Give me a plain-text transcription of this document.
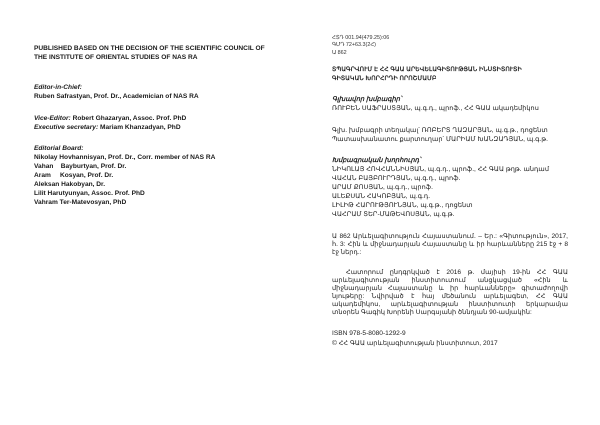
PUBLISHED BASED ON THE DECISION OF THE SCIENTIFIC COUNCIL OF
THE INSTITUTE OF ORIENTAL STUDIES OF NAS RA
Editor-in-Chief:
Ruben Safrastyan, Prof. Dr., Academician of NAS RA
Vice-Editor: Robert Ghazaryan, Assoc. Prof. PhD
Executive secretary: Mariam Khanzadyan, PhD
Editorial Board:
Nikolay Hovhannisyan, Prof. Dr., Corr. member of NAS RA
Vahan    Bayburtyan, Prof. Dr.
Aram     Kosyan, Prof. Dr.
Aleksan Hakobyan, Dr.
Lilit Harutyunyan, Assoc. Prof. PhD
Vahram Ter-Matevosyan, PhD
ՀՏԴ 001.94(479.25):06
ԳՄԴ 72+63.3(2Հ)
Ա 862
ՏՊԱԳՐՎՈՒՄ Է ՀՀ ԳԱԱ ԱՐԵՎԵԼԱԳԻՏՈՒԹՅԱՆ ԻՆՍՏԻՏՈՒՏԻ
ԳԻՏԱԿԱՆ ԽՈՐՀՐԴԻ ՈՐՈՇՄԱՄԲ
Գլխավոր խմբագիր՝
ՌՈՒԲԵՆ ՍԱՖՐԱՍՏՅԱՆ, պ.գ.դ., պրոֆ., ՀՀ ԳԱԱ ակադեմիկոս
Գլխ. խմբագրի տեղակալ՝ ՌՈԲԵՐՏ ՂԱԶԱՐՅԱՆ, պ.գ.թ., դոցենտ
Պատասխանատու քարտուղար՝ ՄԱՐԻԱՄ ԽԱՆԶԱԴՅԱՆ, պ.գ.թ.
Խմբագրական խորհուրդ՝
ՆԻԿՈԼԱՅ ՀՈՎՀԱՆՆԻՍՅԱՆ, պ.գ.դ., պրոֆ., ՀՀ ԳԱԱ թղթ. անդամ
ՎԱՀԱՆ ԲԱՅԲՈՒՐԴՅԱՆ, պ.գ.դ., պրոֆ.
ԱՐԱՄ ՔՈՍՅԱՆ, պ.գ.դ., պրոֆ.
ԱԼԵՔՍԱՆ ՀԱԿՈԲՅԱՆ, պ.գ.դ.
ԼԻԼԻԹ ՀԱՐՈՒԹՅՈՒՆՅԱՆ, պ.գ.թ., դոցենտ
ՎԱՀՐԱՄ ՏԵՐ-ՄԱԹԵՎՈՍՅԱՆ, պ.գ.թ.
Ա 862 Արևելագիտություն Հայաստանում. – Եր.: «Գիտություն», 2017, հ. 3: Հին և միջնադարյան Հայաստանը և իր հարևանները 215 էջ + 8 էջ ներդ.:
Հատորում ընդգրկված է 2016 թ. մայիսի 19-ին ՀՀ ԳԱԱ արևելագիտության ինստիտուտում անցկացված «Հին և միջնադարյան Հայաստանը և իր հարևանները» գիտաժողովի նյութերը: Նվիրված է հայ մեծանուն արևելագետ, ՀՀ ԳԱԱ ակադեմիկոս, արևելագիտության ինստիտուտի երկարամյա տնօրեն Գագիկ Խորենի Սարգսյանի ծննդյան 90-ամյակին:
ISBN 978-5-8080-1292-9
© ՀՀ ԳԱԱ արևելագիտության ինստիտուտ, 2017
